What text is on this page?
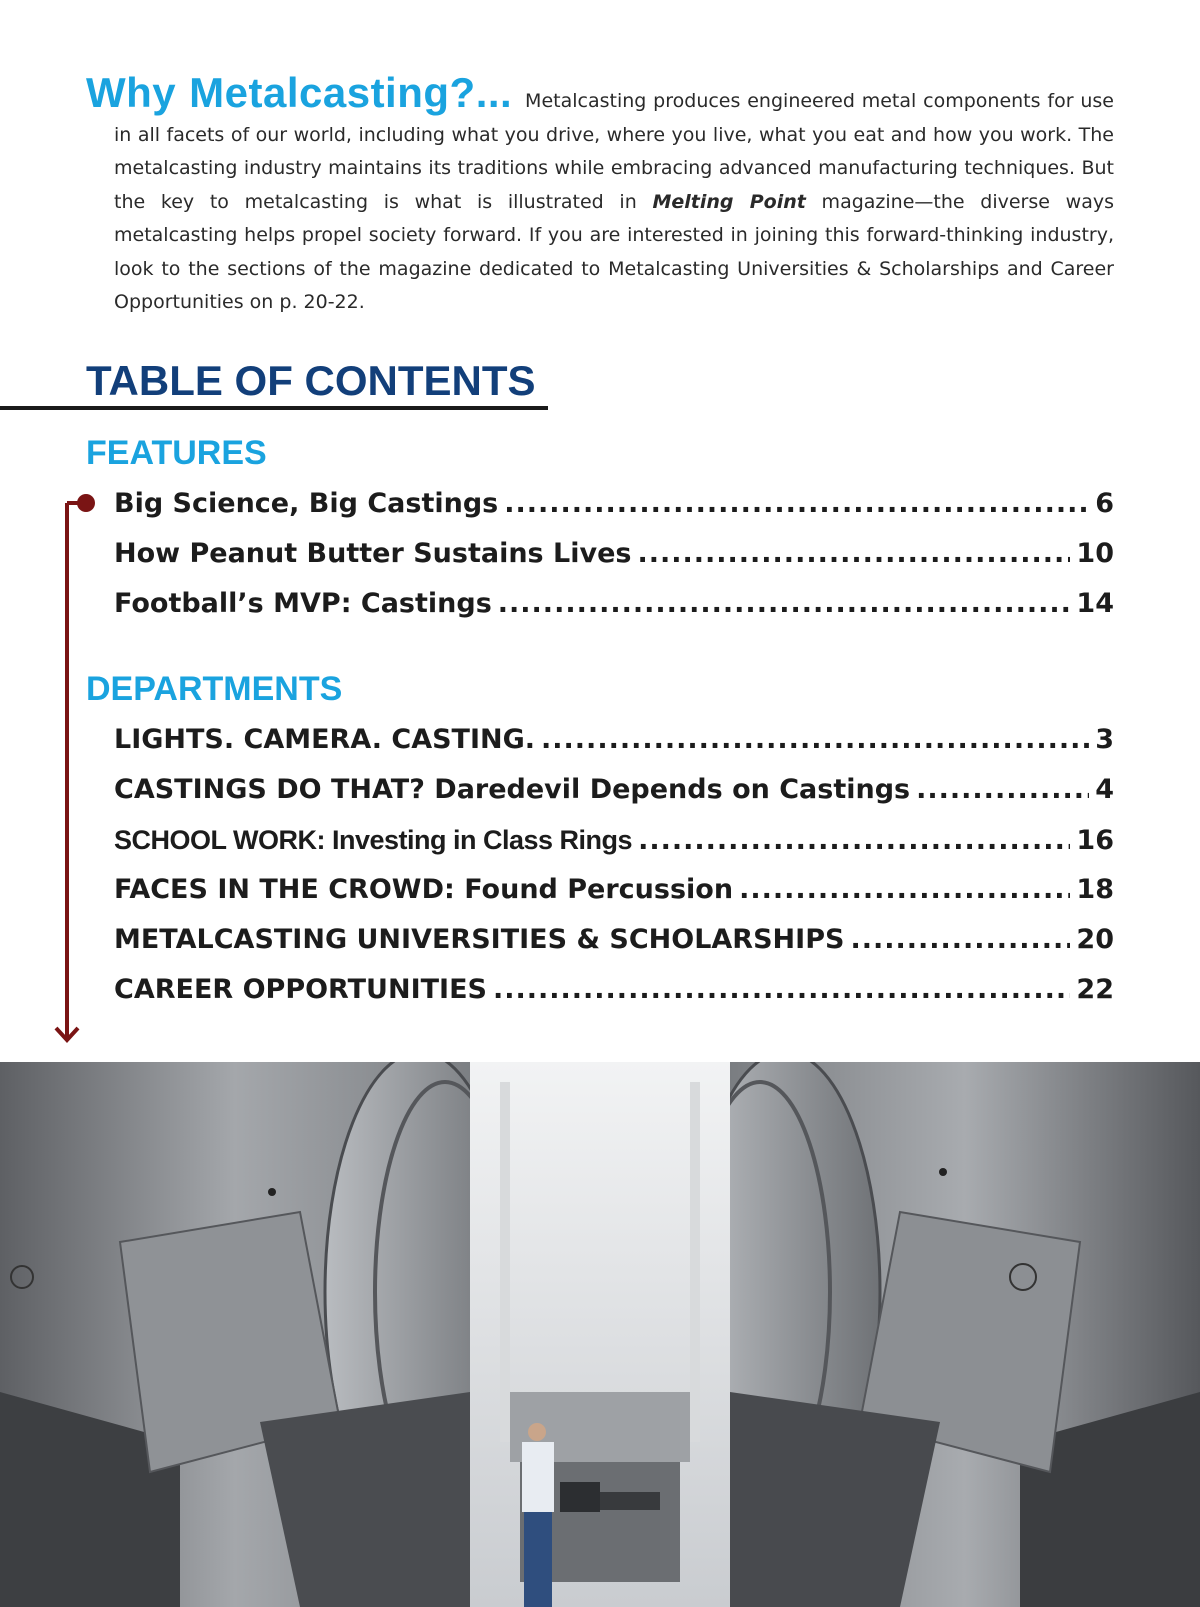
Why Metalcasting?... Metalcasting produces engineered metal components for use in all facets of our world, including what you drive, where you live, what you eat and how you work. The metalcasting industry maintains its traditions while embracing advanced manufacturing techniques. But the key to metalcasting is what is illustrated in Melting Point magazine—the diverse ways metalcasting helps propel society forward. If you are interested in joining this forward-thinking industry, look to the sections of the magazine dedicated to Metalcasting Universities & Scholarships and Career Opportunities on p. 20-22.

TABLE OF CONTENTS
FEATURES
Big Science, Big Castings .....	6
How Peanut Butter Sustains Lives .....	10
Football’s MVP: Castings .....	14
DEPARTMENTS
LIGHTS. CAMERA. CASTING. .....	3
CASTINGS DO THAT? Daredevil Depends on Castings .....	4
SCHOOL WORK: Investing in Class Rings .....	16
FACES IN THE CROWD: Found Percussion .....	18
METALCASTING UNIVERSITIES & SCHOLARSHIPS .....	20
CAREER OPPORTUNITIES .....	22
